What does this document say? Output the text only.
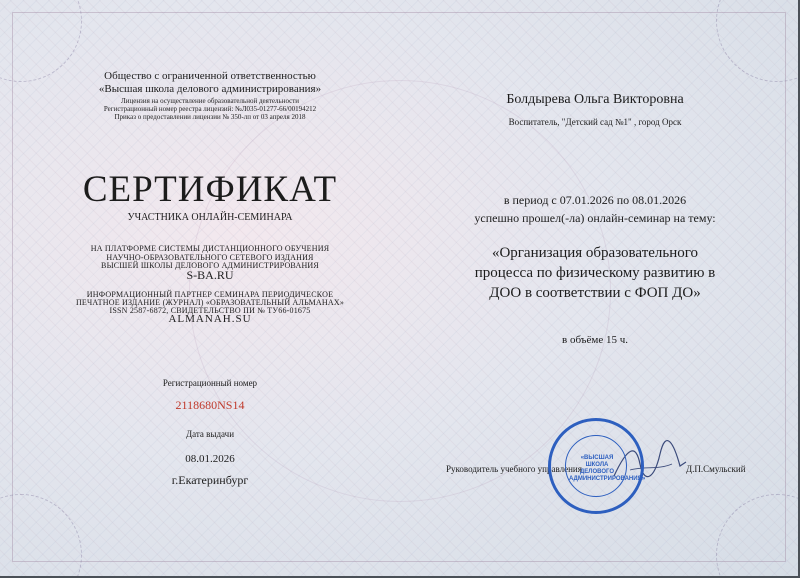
Общество с ограниченной ответственностью
«Высшая школа делового администрирования»
Лицензия на осуществление образовательной деятельности
Регистрационный номер реестра лицензий: №Л035-01277-66/00194212
Приказ о предоставлении лицензии № 350-лп от 03 апреля 2018
СЕРТИФИКАТ
УЧАСТНИКА ОНЛАЙН-СЕМИНАРА
НА ПЛАТФОРМЕ СИСТЕМЫ ДИСТАНЦИОННОГО ОБУЧЕНИЯ
НАУЧНО-ОБРАЗОВАТЕЛЬНОГО СЕТЕВОГО ИЗДАНИЯ
ВЫСШЕЙ ШКОЛЫ ДЕЛОВОГО АДМИНИСТРИРОВАНИЯ
S-BA.RU
ИНФОРМАЦИОННЫЙ ПАРТНЕР СЕМИНАРА ПЕРИОДИЧЕСКОЕ
ПЕЧАТНОЕ ИЗДАНИЕ (ЖУРНАЛ) «ОБРАЗОВАТЕЛЬНЫЙ АЛЬМАНАХ»
ISSN 2587-6872, СВИДЕТЕЛЬСТВО ПИ № ТУ66-01675
ALMANAH.SU
Регистрационный номер
2118680NS14
Дата выдачи
08.01.2026
г.Екатеринбург
Болдырева Ольга Викторовна
Воспитатель, "Детский сад №1" , город Орск
в период с 07.01.2026 по 08.01.2026
успешно прошел(-ла) онлайн-семинар на тему:
«Организация образовательного
процесса по физическому развитию в
ДОО в соответствии с ФОП ДО»
в объёме 15 ч.
Руководитель учебного управления	Д.П.Смульский
«ВЫСШАЯ ШКОЛА ДЕЛОВОГО АДМИНИСТРИРОВАНИЯ»
